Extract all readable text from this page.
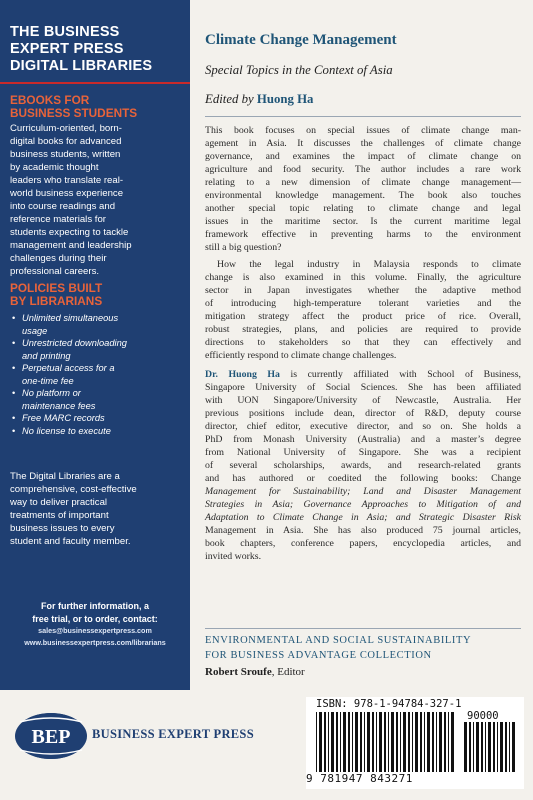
THE BUSINESS
EXPERT PRESS
DIGITAL LIBRARIES
EBOOKS FOR
BUSINESS STUDENTS
Curriculum-oriented, born-
digital books for advanced
business students, written
by academic thought
leaders who translate real-
world business experience
into course readings and
reference materials for
students expecting to tackle
management and leadership
challenges during their
professional careers.
POLICIES BUILT
BY LIBRARIANS
• Unlimited simultaneous
usage
• Unrestricted downloading
and printing
• Perpetual access for a
one-time fee
• No platform or
maintenance fees
• Free MARC records
• No license to execute
The Digital Libraries are a
comprehensive, cost-effective
way to deliver practical
treatments of important
business issues to every
student and faculty member.
For further information, a
free trial, or to order, contact:
sales@businessexpertpress.com
www.businessexpertpress.com/librarians
BEP BUSINESS EXPERT PRESS
Climate Change Management
Special Topics in the Context of Asia
Edited by Huong Ha
This book focuses on special issues of climate change man-
agement in Asia. It discusses the challenges of climate change
governance, and examines the impact of climate change on
agriculture and food security. The author includes a rare work
relating to a new dimension of climate change management—
environmental knowledge management. The book also touches
another special topic relating to climate change and legal
issues in the maritime sector. Is the current maritime legal
framework effective in preventing harms to the environment
still a big question?
How the legal industry in Malaysia responds to climate
change is also examined in this volume. Finally, the agriculture
sector in Japan investigates whether the adaptive method
of introducing high-temperature tolerant varieties and the
mitigation strategy affect the product price of rice. Overall,
robust strategies, plans, and policies are required to provide
directions to stakeholders so that they can effectively and
efficiently respond to climate change challenges.
Dr. Huong Ha is currently affiliated with School of Business,
Singapore University of Social Sciences. She has been affiliated
with UON Singapore/University of Newcastle, Australia. Her
previous positions include dean, director of R&D, deputy course
director, chief editor, executive director, and so on. She holds a
PhD from Monash University (Australia) and a master’s degree
from National University of Singapore. She was a recipient
of several scholarships, awards, and research-related grants
and has authored or coedited the following books: Change
Management for Sustainability; Land and Disaster Management
Strategies in Asia; Governance Approaches to Mitigation of and
Adaptation to Climate Change in Asia; and Strategic Disaster Risk
Management in Asia. She has also produced 75 journal articles,
book chapters, conference papers, encyclopedia articles, and
invited works.
ENVIRONMENTAL AND SOCIAL SUSTAINABILITY
FOR BUSINESS ADVANTAGE COLLECTION
Robert Sroufe, Editor
ISBN: 978-1-94784-327-1
90000
9 781947 843271
